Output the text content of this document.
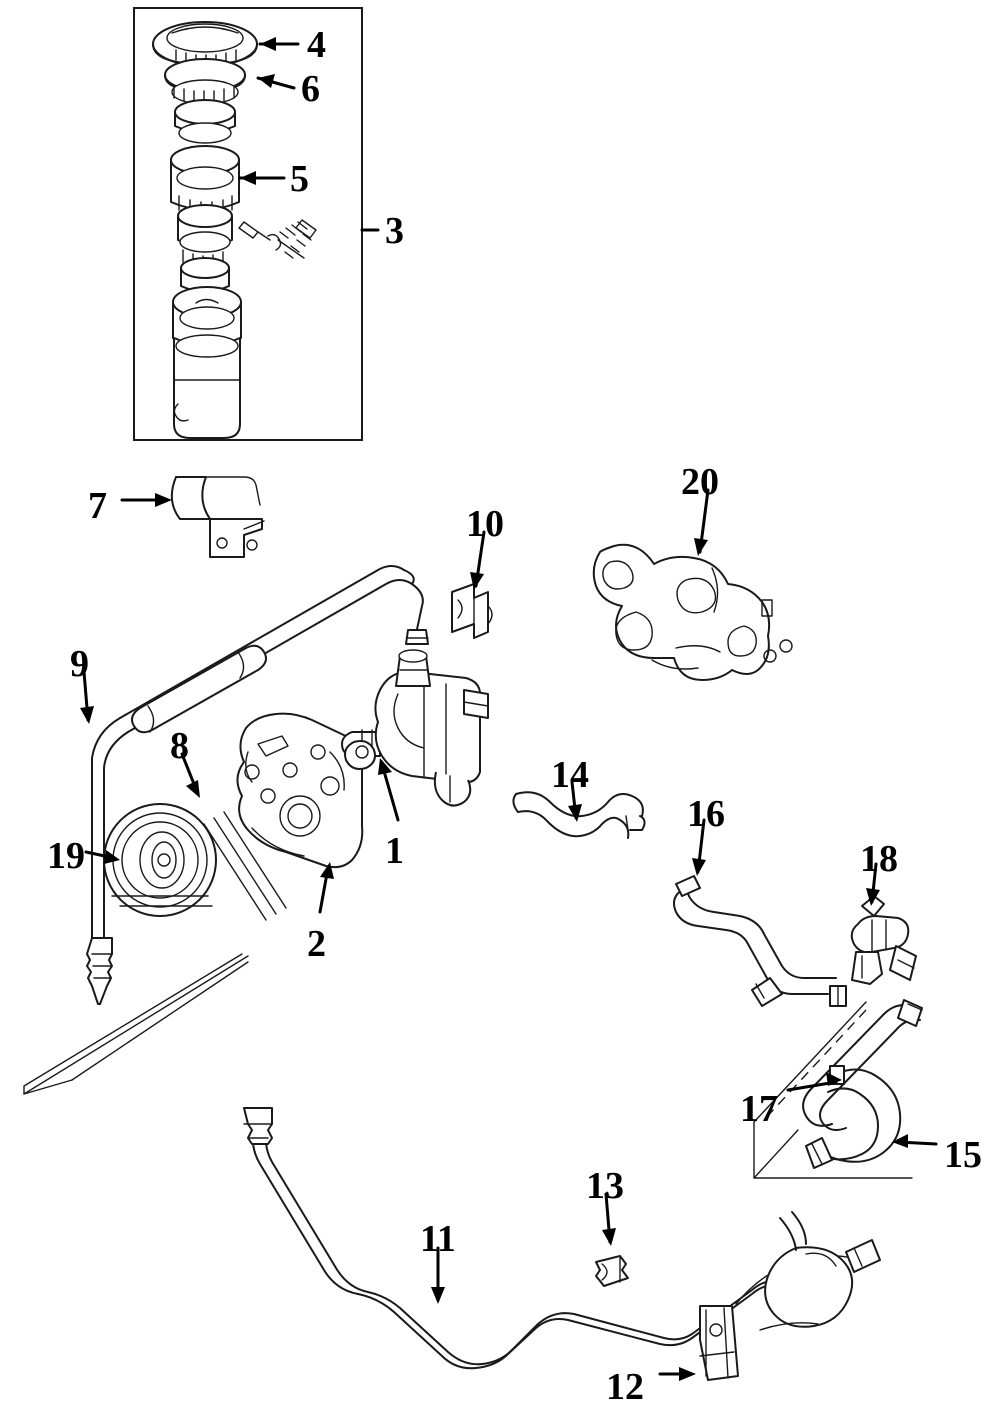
4
6
5
3
7
20
10
9
8
19	1
2
14
16
18
17
15
13
11
12
